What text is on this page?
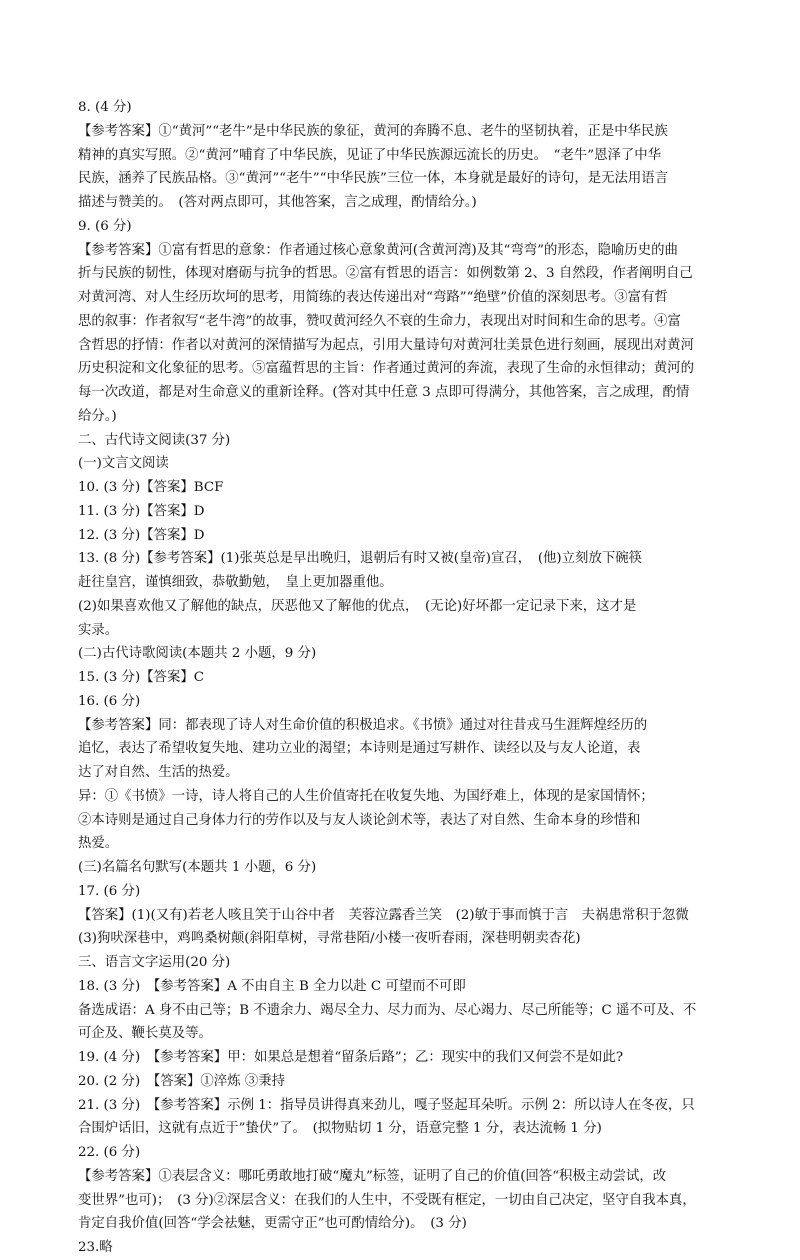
8. (4 分)
【参考答案】①“黄河”“老牛”是中华民族的象征，黄河的奔腾不息、老牛的坚韧执着，正是中华民族
精神的真实写照。②“黄河”哺育了中华民族，见证了中华民族源远流长的历史。　“老牛”恩泽了中华
民族，涵养了民族品格。③“黄河”“老牛”“中华民族”三位一体，本身就是最好的诗句，是无法用语言
描述与赞美的。　(答对两点即可，其他答案，言之成理，酌情给分。)
9. (6 分)
【参考答案】①富有哲思的意象：作者通过核心意象黄河(含黄河湾)及其“弯弯”的形态，隐喻历史的曲
折与民族的韧性，体现对磨砺与抗争的哲思。②富有哲思的语言：如例数第 2、3 自然段，作者阐明自己
对黄河湾、对人生经历坎坷的思考，用简练的表达传递出对“弯路”“绝壁”价值的深刻思考。③富有哲
思的叙事：作者叙写“老牛湾”的故事，赞叹黄河经久不衰的生命力，表现出对时间和生命的思考。④富
含哲思的抒情：作者以对黄河的深情描写为起点，引用大量诗句对黄河壮美景色进行刻画，展现出对黄河
历史积淀和文化象征的思考。⑤富蕴哲思的主旨：作者通过黄河的奔流，表现了生命的永恒律动；黄河的
每一次改道，都是对生命意义的重新诠释。(答对其中任意 3 点即可得满分，其他答案，言之成理，酌情
给分。)
二、古代诗文阅读(37 分)
(一)文言文阅读
10. (3 分)【答案】BCF
11. (3 分)【答案】D
12. (3 分)【答案】D
13. (8 分)【参考答案】(1)张英总是早出晚归，退朝后有时又被(皇帝)宣召，　(他)立刻放下碗筷
赶往皇宫，谨慎细致，恭敬勤勉，　皇上更加器重他。
(2)如果喜欢他又了解他的缺点，厌恶他又了解他的优点，　(无论)好坏都一定记录下来，这才是
实录。
(二)古代诗歌阅读(本题共 2 小题，9 分)
15. (3 分)【答案】C
16. (6 分)
【参考答案】同：都表现了诗人对生命价值的积极追求。《书愤》通过对往昔戎马生涯辉煌经历的
追忆，表达了希望收复失地、建功立业的渴望；本诗则是通过写耕作、读经以及与友人论道，表
达了对自然、生活的热爱。
异：①《书愤》一诗，诗人将自己的人生价值寄托在收复失地、为国纾难上，体现的是家国情怀；
②本诗则是通过自己身体力行的劳作以及与友人谈论剑术等，表达了对自然、生命本身的珍惜和
热爱。
(三)名篇名句默写(本题共 1 小题，6 分)
17. (6 分)
【答案】(1)(又有)若老人咳且笑于山谷中者　芙蓉泣露香兰笑　(2)敏于事而慎于言　夫祸患常积于忽微
(3)狗吠深巷中，鸡鸣桑树颠(斜阳草树，寻常巷陌/小楼一夜听春雨，深巷明朝卖杏花)
三、语言文字运用(20 分)
18. (3 分)　【参考答案】A 不由自主 B 全力以赴 C 可望而不可即
备选成语：A 身不由己等；B 不遗余力、竭尽全力、尽力而为、尽心竭力、尽己所能等；C 遥不可及、不
可企及、鞭长莫及等。
19. (4 分)　【参考答案】甲：如果总是想着“留条后路”；乙：现实中的我们又何尝不是如此?
20. (2 分)　【答案】①淬炼 ③秉持
21. (3 分)　【参考答案】示例 1：指导员讲得真来劲儿，嘎子竖起耳朵听。示例 2：所以诗人在冬夜，只
合围炉话旧，这就有点近于”蛰伏”了。　(拟物贴切 1 分，语意完整 1 分，表达流畅 1 分)
22. (6 分)
【参考答案】①表层含义：哪吒勇敢地打破“魔丸”标签，证明了自己的价值(回答“积极主动尝试，改
变世界”也可)；　(3 分)②深层含义：在我们的人生中，不受既有框定，一切由自己决定，坚守自我本真，
肯定自我价值(回答“学会祛魅，更需守正”也可酌情给分)。　(3 分)
23.略
